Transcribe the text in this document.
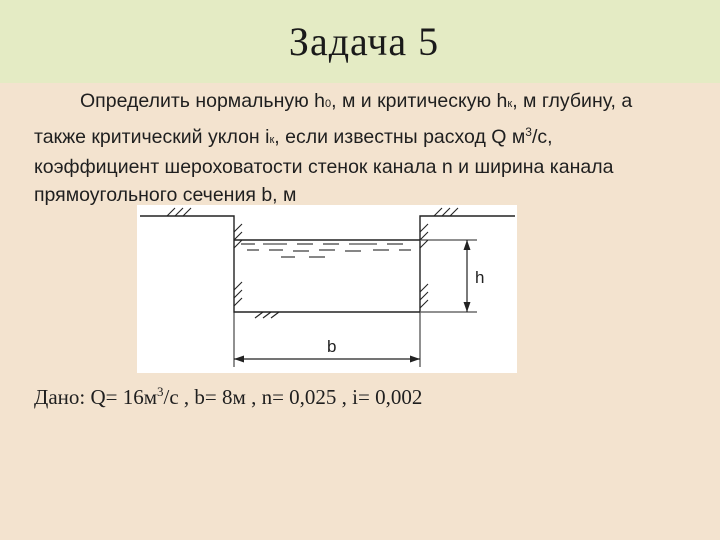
Задача 5
Определить нормальную h0, м и критическую hк, м глубину, а
также критический уклон iк, если известны расход Q $м^3/с$,
коэффициент шероховатости стенок канала n и ширина канала
прямоугольного сечения b, м
h
b
Дано: $Q= 16м^3/с$ , b= 8м , n= 0,025 , i= 0,002
